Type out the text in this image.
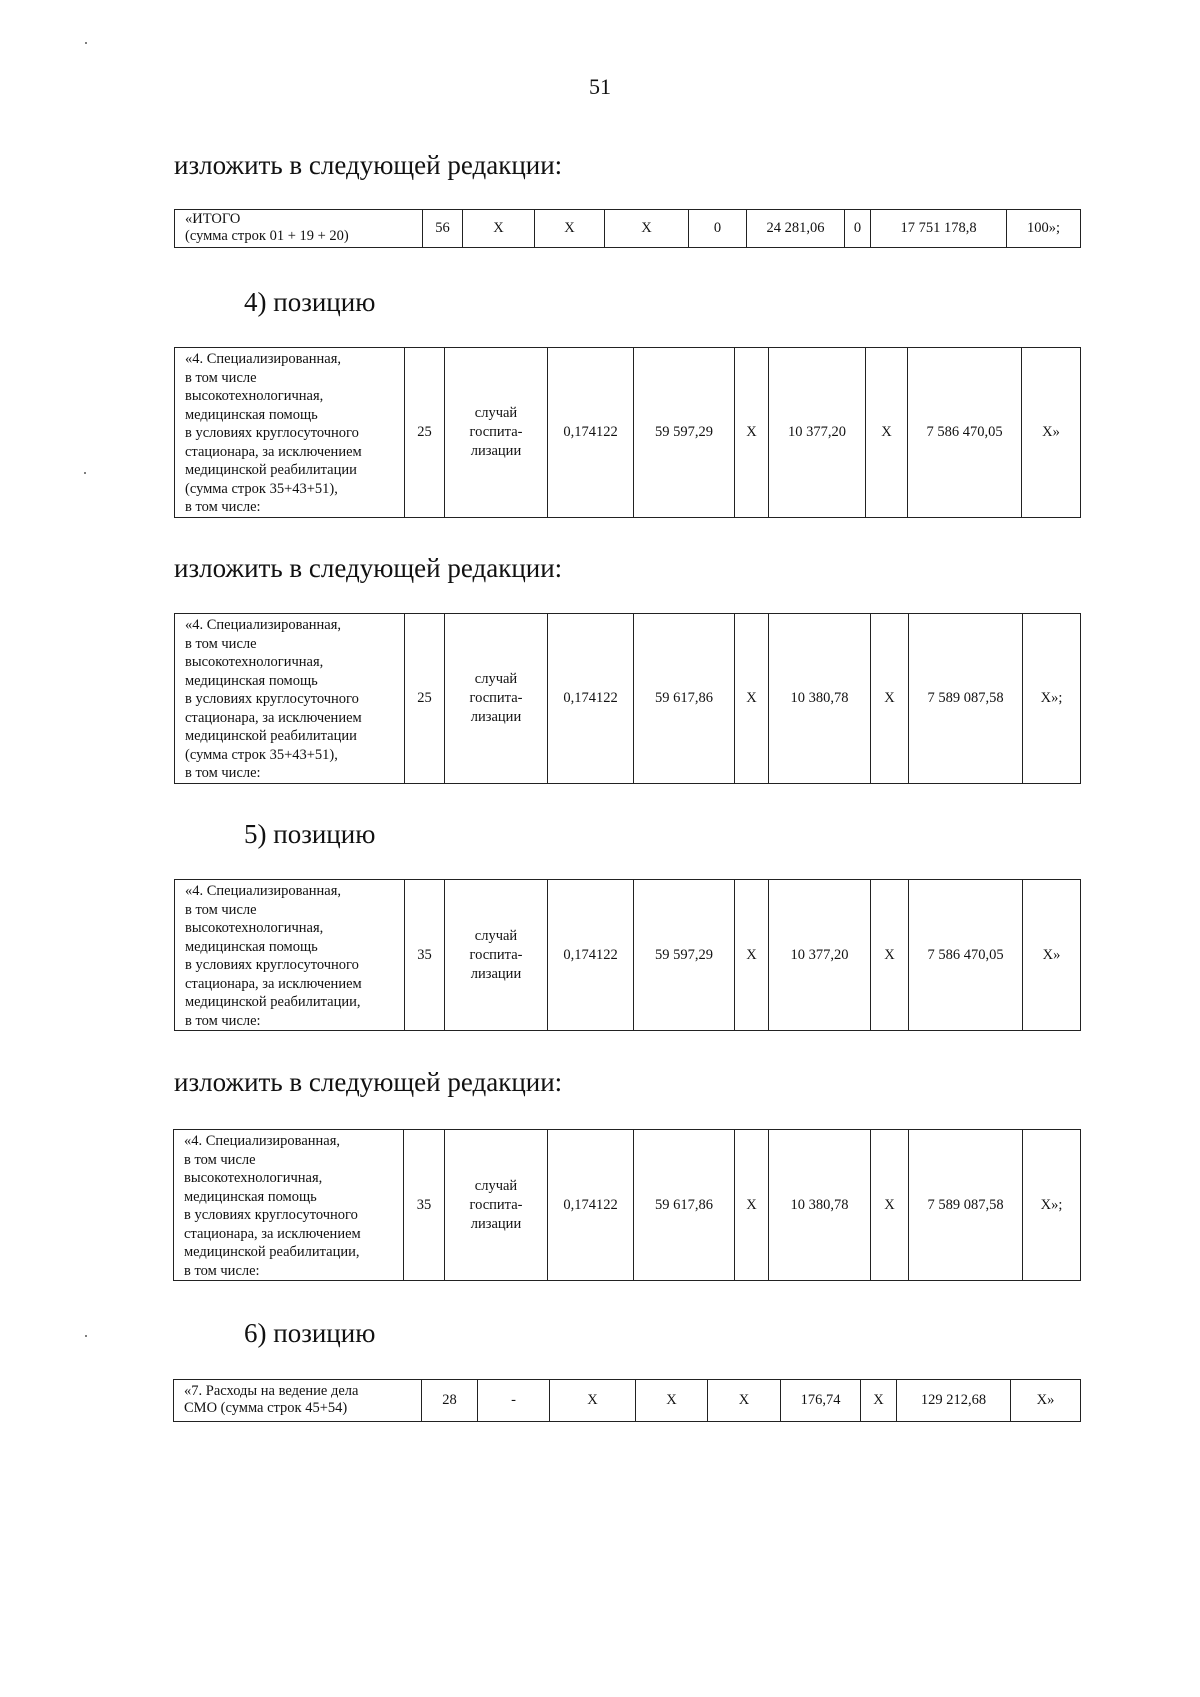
51
изложить в следующей редакции:
«ИТОГО
(сумма строк 01 + 19 + 20)	56	X	X	X	0	24 281,06	0	17 751 178,8	100»;
4) позицию
«4. Специализированная,
в том числе
высокотехнологичная,
медицинская помощь
в условиях круглосуточного
стационара, за исключением
медицинской реабилитации
(сумма строк 35+43+51),
в том числе:	25	случай
госпита-
лизации	0,174122	59 597,29	X	10 377,20	X	7 586 470,05	X»
изложить в следующей редакции:
«4. Специализированная,
в том числе
высокотехнологичная,
медицинская помощь
в условиях круглосуточного
стационара, за исключением
медицинской реабилитации
(сумма строк 35+43+51),
в том числе:	25	случай
госпита-
лизации	0,174122	59 617,86	X	10 380,78	X	7 589 087,58	X»;
5) позицию
«4. Специализированная,
в том числе
высокотехнологичная,
медицинская помощь
в условиях круглосуточного
стационара, за исключением
медицинской реабилитации,
в том числе:	35	случай
госпита-
лизации	0,174122	59 597,29	X	10 377,20	X	7 586 470,05	X»
изложить в следующей редакции:
«4. Специализированная,
в том числе
высокотехнологичная,
медицинская помощь
в условиях круглосуточного
стационара, за исключением
медицинской реабилитации,
в том числе:	35	случай
госпита-
лизации	0,174122	59 617,86	X	10 380,78	X	7 589 087,58	X»;
6) позицию
«7. Расходы на ведение дела
СМО (сумма строк 45+54)	28	-	X	X	X	176,74	X	129 212,68	X»
